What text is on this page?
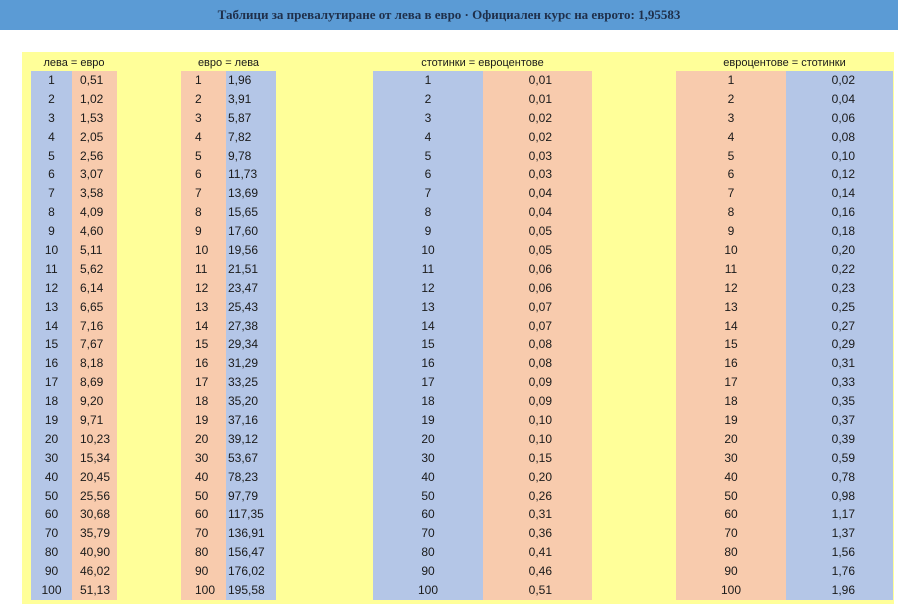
Таблици за превалутиране от лева в евро · Официален курс на еврото: 1,95583
лева = евро
1
2
3
4
5
6
7
8
9
10
11
12
13
14
15
16
17
18
19
20
30
40
50
60
70
80
90
100
0,51
1,02
1,53
2,05
2,56
3,07
3,58
4,09
4,60
5,11
5,62
6,14
6,65
7,16
7,67
8,18
8,69
9,20
9,71
10,23
15,34
20,45
25,56
30,68
35,79
40,90
46,02
51,13
евро = лева
1
2
3
4
5
6
7
8
9
10
11
12
13
14
15
16
17
18
19
20
30
40
50
60
70
80
90
100
1,96
3,91
5,87
7,82
9,78
11,73
13,69
15,65
17,60
19,56
21,51
23,47
25,43
27,38
29,34
31,29
33,25
35,20
37,16
39,12
53,67
78,23
97,79
117,35
136,91
156,47
176,02
195,58
стотинки = евроцентове
1
2
3
4
5
6
7
8
9
10
11
12
13
14
15
16
17
18
19
20
30
40
50
60
70
80
90
100
0,01
0,01
0,02
0,02
0,03
0,03
0,04
0,04
0,05
0,05
0,06
0,06
0,07
0,07
0,08
0,08
0,09
0,09
0,10
0,10
0,15
0,20
0,26
0,31
0,36
0,41
0,46
0,51
евроцентове = стотинки
1
2
3
4
5
6
7
8
9
10
11
12
13
14
15
16
17
18
19
20
30
40
50
60
70
80
90
100
0,02
0,04
0,06
0,08
0,10
0,12
0,14
0,16
0,18
0,20
0,22
0,23
0,25
0,27
0,29
0,31
0,33
0,35
0,37
0,39
0,59
0,78
0,98
1,17
1,37
1,56
1,76
1,96
